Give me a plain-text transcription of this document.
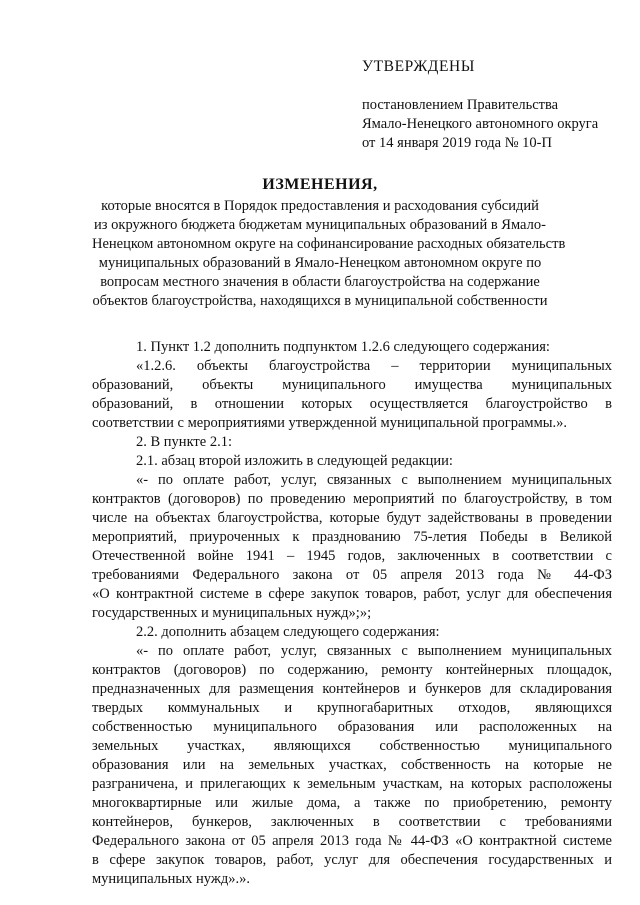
УТВЕРЖДЕНЫ
постановлением Правительства
Ямало-Ненецкого автономного округа
от 14 января 2019 года № 10-П
ИЗМЕНЕНИЯ,
которые вносятся в Порядок предоставления и расходования субсидий
из окружного бюджета бюджетам муниципальных образований в Ямало-
Ненецком автономном округе на софинансирование расходных обязательств
муниципальных образований в Ямало-Ненецком автономном округе по
вопросам местного значения в области благоустройства на содержание
объектов благоустройства, находящихся в муниципальной собственности
1. Пункт 1.2 дополнить подпунктом 1.2.6 следующего содержания:
«1.2.6. объекты благоустройства – территории муниципальных
образований, объекты муниципального имущества муниципальных
образований, в отношении которых осуществляется благоустройство в
соответствии с мероприятиями утвержденной муниципальной программы.».
2. В пункте 2.1:
2.1. абзац второй изложить в следующей редакции:
«- по оплате работ, услуг, связанных с выполнением муниципальных
контрактов (договоров) по проведению мероприятий по благоустройству, в том
числе на объектах благоустройства, которые будут задействованы в проведении
мероприятий, приуроченных к празднованию 75-летия Победы в Великой
Отечественной войне 1941 – 1945 годов, заключенных в соответствии с
требованиями Федерального закона от 05 апреля 2013 года № 44-ФЗ
«О контрактной системе в сфере закупок товаров, работ, услуг для обеспечения
государственных и муниципальных нужд»;»;
2.2. дополнить абзацем следующего содержания:
«- по оплате работ, услуг, связанных с выполнением муниципальных
контрактов (договоров) по содержанию, ремонту контейнерных площадок,
предназначенных для размещения контейнеров и бункеров для складирования
твердых коммунальных и крупногабаритных отходов, являющихся
собственностью муниципального образования или расположенных на
земельных участках, являющихся собственностью муниципального
образования или на земельных участках, собственность на которые не
разграничена, и прилегающих к земельным участкам, на которых расположены
многоквартирные или жилые дома, а также по приобретению, ремонту
контейнеров, бункеров, заключенных в соответствии с требованиями
Федерального закона от 05 апреля 2013 года № 44-ФЗ «О контрактной системе
в сфере закупок товаров, работ, услуг для обеспечения государственных и
муниципальных нужд».».
